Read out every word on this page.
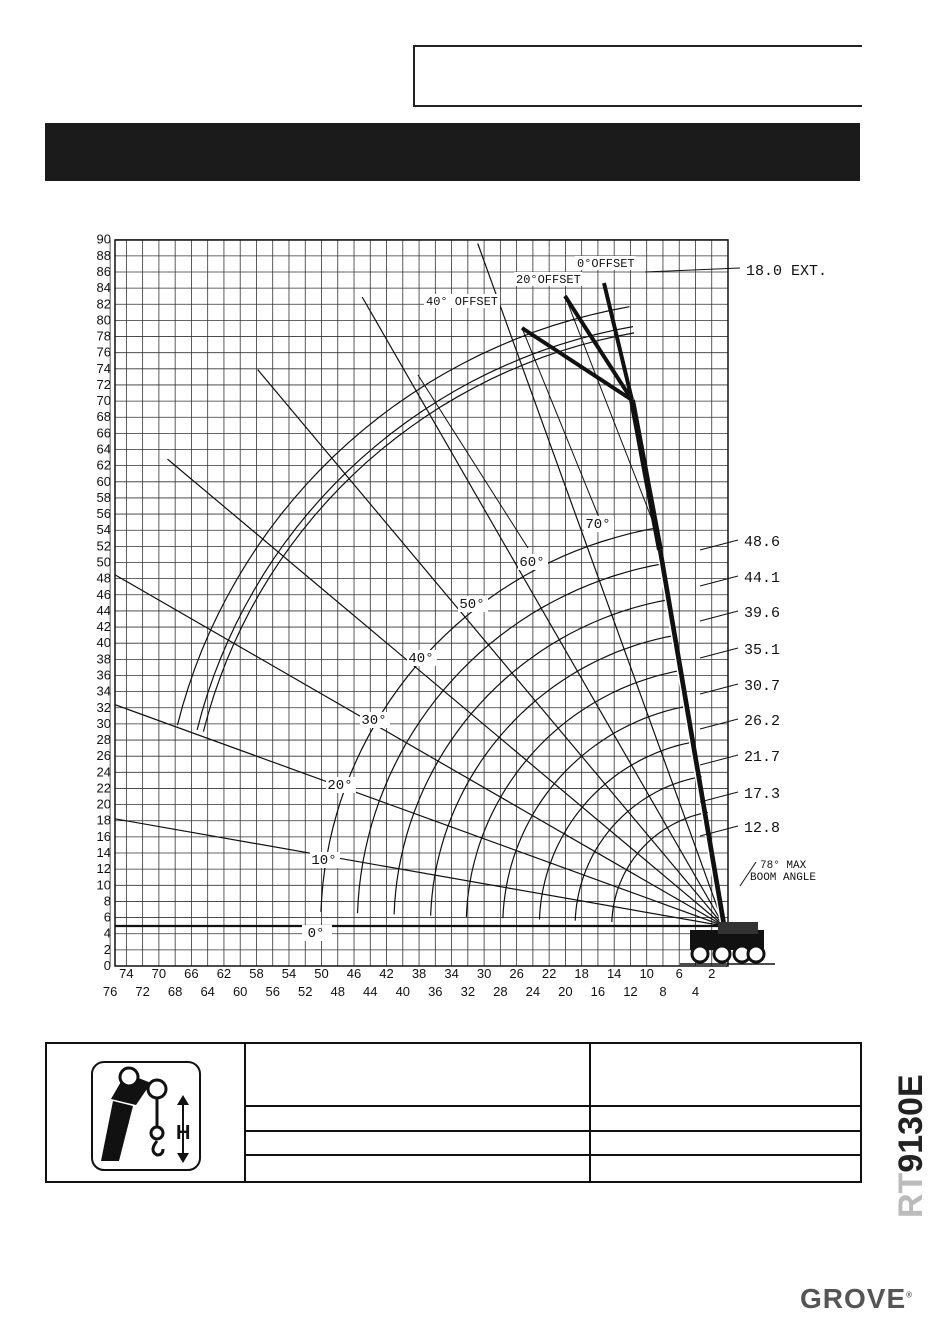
0
2
4
6
8
10
12
14
16
18
20
22
24
26
28
30
32
34
36
38
40
42
44
46
48
50
52
54
56
58
60
62
64
66
68
70
72
74
76
78
80
82
84
86
88
90
74 70 66 62 58 54 50 46 42 38 34 30 26 22 18 14 10 6 2
76 72 68 64 60 56 52 48 44 40 36 32 28 24 20 16 12 8 4
48.6
44.1
39.6
35.1
30.7
26.2
21.7
17.3
12.8
0°
10°
20°
30°
40°
50°
60°
70°
18.0 EXT.
0°OFFSET
20°OFFSET
40° OFFSET
78° MAX
BOOM ANGLE
H
RT9130E
GROVE®
